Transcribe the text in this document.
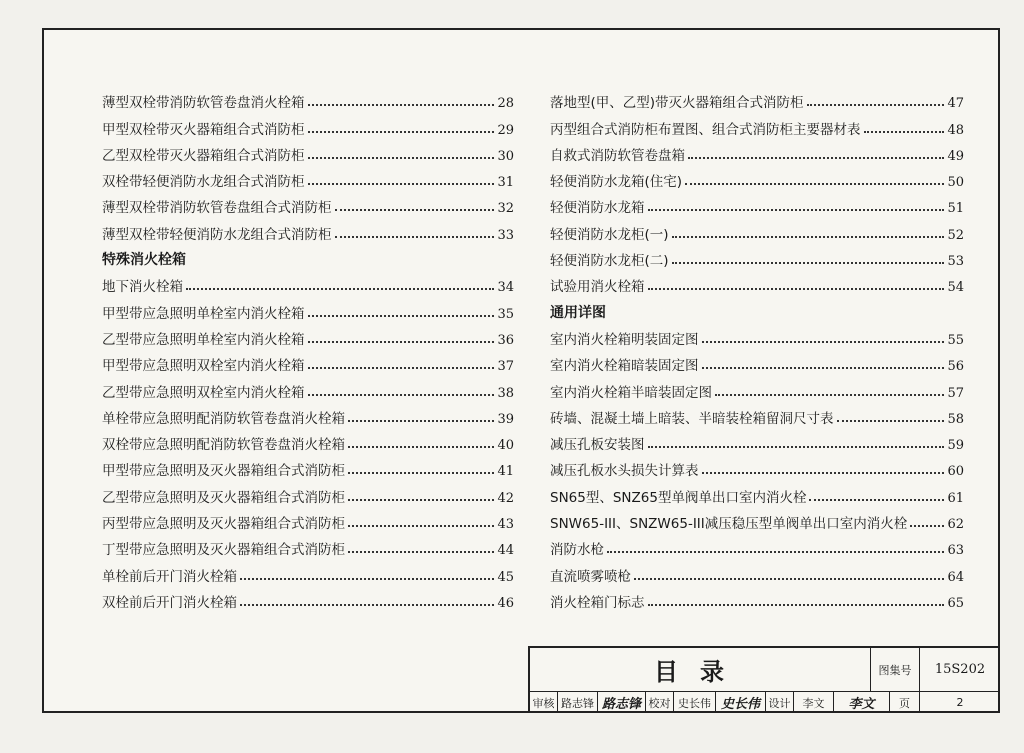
薄型双栓带消防软管卷盘消火栓箱	28
甲型双栓带灭火器箱组合式消防柜	29
乙型双栓带灭火器箱组合式消防柜	30
双栓带轻便消防水龙组合式消防柜	31
薄型双栓带消防软管卷盘组合式消防柜	32
薄型双栓带轻便消防水龙组合式消防柜	33
特殊消火栓箱
地下消火栓箱	34
甲型带应急照明单栓室内消火栓箱	35
乙型带应急照明单栓室内消火栓箱	36
甲型带应急照明双栓室内消火栓箱	37
乙型带应急照明双栓室内消火栓箱	38
单栓带应急照明配消防软管卷盘消火栓箱	39
双栓带应急照明配消防软管卷盘消火栓箱	40
甲型带应急照明及灭火器箱组合式消防柜	41
乙型带应急照明及灭火器箱组合式消防柜	42
丙型带应急照明及灭火器箱组合式消防柜	43
丁型带应急照明及灭火器箱组合式消防柜	44
单栓前后开门消火栓箱	45
双栓前后开门消火栓箱	46
落地型(甲、乙型)带灭火器箱组合式消防柜	47
丙型组合式消防柜布置图、组合式消防柜主要器材表	48
自救式消防软管卷盘箱	49
轻便消防水龙箱(住宅)	50
轻便消防水龙箱	51
轻便消防水龙柜(一)	52
轻便消防水龙柜(二)	53
试验用消火栓箱	54
通用详图
室内消火栓箱明装固定图	55
室内消火栓箱暗装固定图	56
室内消火栓箱半暗装固定图	57
砖墙、混凝土墙上暗装、半暗装栓箱留洞尺寸表	58
减压孔板安装图	59
减压孔板水头损失计算表	60
SN65型、SNZ65型单阀单出口室内消火栓	61
SNW65-III、SNZW65-III减压稳压型单阀单出口室内消火栓	62
消防水枪	63
直流喷雾喷枪	64
消火栓箱门标志	65
目录	图集号	15S202
审核 路志锋 路志锋 校对 史长伟 史长伟 设计	李文	李文	页	2
